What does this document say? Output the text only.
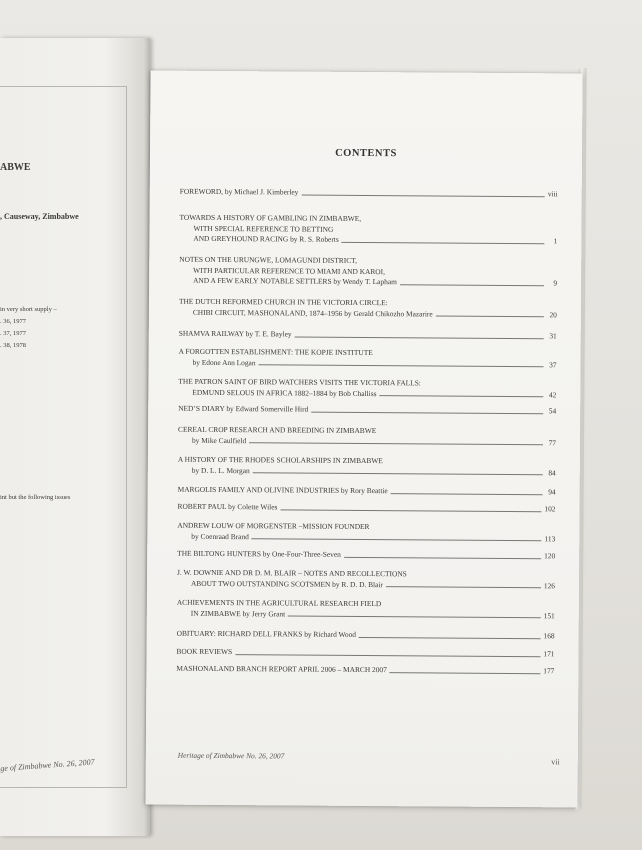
ABWE
, Causeway, Zimbabwe
in very short supply –
. 36, 1977
. 37, 1977
. 38, 1978
int but the following issues
ge of Zimbabwe No. 26, 2007
CONTENTS
FOREWORD, by Michael J. Kimberley	viii
TOWARDS A HISTORY OF GAMBLING IN ZIMBABWE,
WITH SPECIAL REFERENCE TO BETTING
AND GREYHOUND RACING by R. S. Roberts	1
NOTES ON THE URUNGWE, LOMAGUNDI DISTRICT,
WITH PARTICULAR REFERENCE TO MIAMI AND KAROI,
AND A FEW EARLY NOTABLE SETTLERS by Wendy T. Lapham	9
THE DUTCH REFORMED CHURCH IN THE VICTORIA CIRCLE:
CHIBI CIRCUIT, MASHONALAND, 1874–1956 by Gerald Chikozho Mazarire	20
SHAMVA RAILWAY by T. E. Bayley	31
A FORGOTTEN ESTABLISHMENT: THE KOPJE INSTITUTE
by Edone Ann Logan	37
THE PATRON SAINT OF BIRD WATCHERS VISITS THE VICTORIA FALLS:
EDMUND SELOUS IN AFRICA 1882–1884 by Bob Challiss	42
NED’S DIARY by Edward Somerville Hird	54
CEREAL CROP RESEARCH AND BREEDING IN ZIMBABWE
by Mike Caulfield	77
A HISTORY OF THE RHODES SCHOLARSHIPS IN ZIMBABWE
by D. L. L. Morgan	84
MARGOLIS FAMILY AND OLIVINE INDUSTRIES by Rory Beattie	94
ROBERT PAUL by Colette Wiles	102
ANDREW LOUW OF MORGENSTER –MISSION FOUNDER
by Coenraad Brand	113
THE BILTONG HUNTERS by One-Four-Three-Seven	120
J. W. DOWNIE AND DR D. M. BLAIR – NOTES AND RECOLLECTIONS
ABOUT TWO OUTSTANDING SCOTSMEN by R. D. D. Blair	126
ACHIEVEMENTS IN THE AGRICULTURAL RESEARCH FIELD
IN ZIMBABWE by Jerry Grant	151
OBITUARY: RICHARD DELL FRANKS by Richard Wood	168
BOOK REVIEWS	171
MASHONALAND BRANCH REPORT APRIL 2006 – MARCH 2007	177
Heritage of Zimbabwe No. 26, 2007
vii
